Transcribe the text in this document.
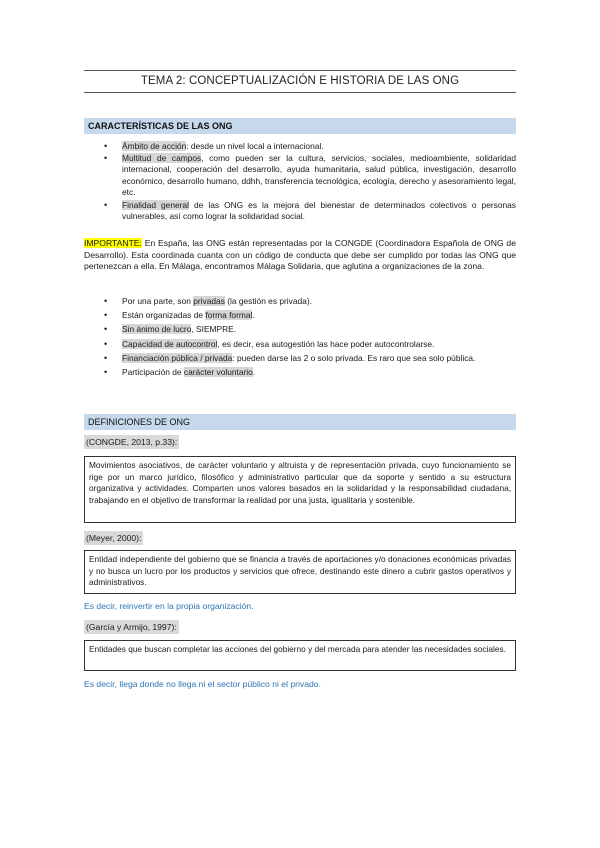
TEMA 2: CONCEPTUALIZACIÓN E HISTORIA DE LAS ONG
CARACTERÍSTICAS DE LAS ONG
• Ámbito de acción: desde un nivel local a internacional.
• Multitud de campos, como pueden ser la cultura, servicios, sociales, medioambiente, solidaridad internacional, cooperación del desarrollo, ayuda humanitaria, salud pública, investigación, desarrollo económico, desarrollo humano, ddhh, transferencia tecnológica, ecología, derecho y asesoramiento legal, etc.
• Finalidad general de las ONG es la mejora del bienestar de determinados colectivos o personas vulnerables, así como lograr la solidaridad social.
IMPORTANTE: En España, las ONG están representadas por la CONGDE (Coordinadora Española de ONG de Desarrollo). Esta coordinada cuanta con un código de conducta que debe ser cumplido por todas las ONG que pertenezcan a ella. En Málaga, encontramos Málaga Solidaria, que aglutina a organizaciones de la zona.
• Por una parte, son privadas (la gestión es privada).
• Están organizadas de forma formal.
• Sin ánimo de lucro, SIEMPRE.
• Capacidad de autocontrol, es decir, esa autogestión las hace poder autocontrolarse.
• Financiación pública / privada: pueden darse las 2 o solo privada. Es raro que sea solo pública.
• Participación de carácter voluntario.
DEFINICIONES DE ONG
(CONGDE, 2013, p.33):
Movimientos asociativos, de carácter voluntario y altruista y de representación privada, cuyo funcionamiento se rige por un marco jurídico, filosófico y administrativo particular que da soporte y sentido a su estructura organizativa y actividades. Comparten unos valores basados en la solidaridad y la responsabilidad ciudadana, trabajando en el objetivo de transformar la realidad por una justa, igualitaria y sostenible.
(Meyer, 2000):
Entidad independiente del gobierno que se financia a través de aportaciones y/o donaciones económicas privadas y no busca un lucro por los productos y servicios que ofrece, destinando este dinero a cubrir gastos operativos y administrativos.
Es decir, reinvertir en la propia organización.
(García y Armijo, 1997):
Entidades que buscan completar las acciones del gobierno y del mercada para atender las necesidades sociales.
Es decir, llega donde no llega ni el sector público ni el privado.
